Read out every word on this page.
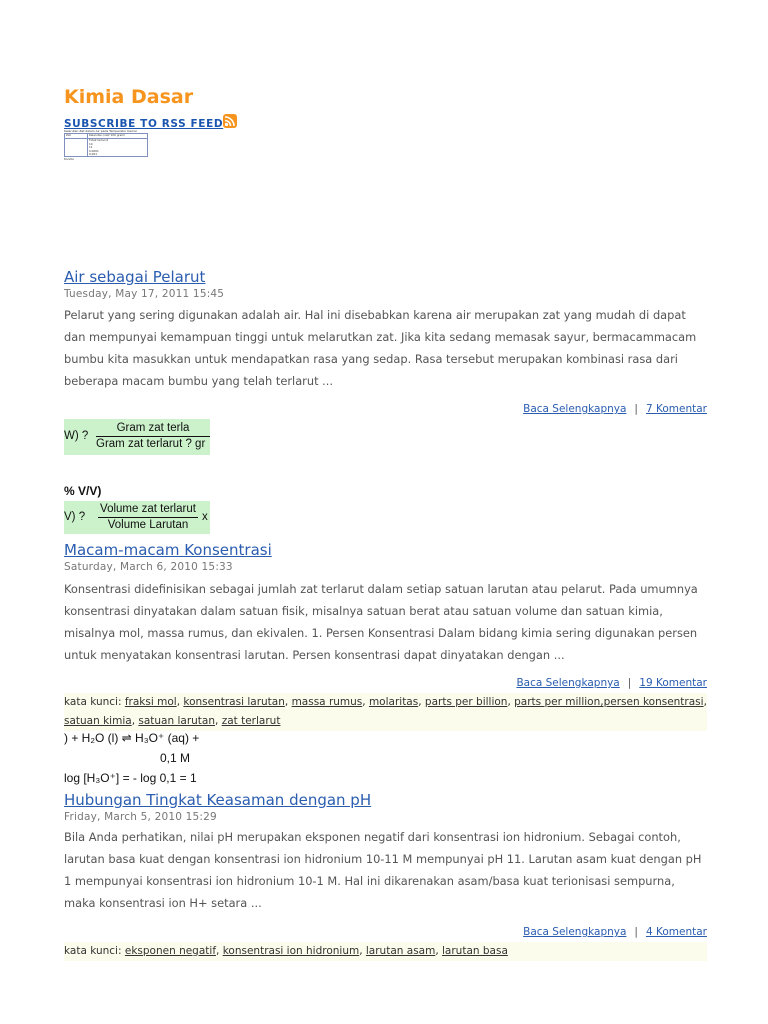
Kimia Dasar
SUBSCRIBE TO RSS FEED
Kelarutan Zat dalam Air pada Temperatur Kamar
Zat	Kelarutan (zat/ 100 gram)
Tidak terlarut
10
11
0,0001
0,001
Kondis
Air sebagai Pelarut
Tuesday, May 17, 2011 15:45
Pelarut yang sering digunakan adalah air. Hal ini disebabkan karena air merupakan zat yang mudah di dapat dan mempunyai kemampuan tinggi untuk melarutkan zat. Jika kita sedang memasak sayur, bermacammacam bumbu kita masukkan untuk mendapatkan rasa yang sedap. Rasa tersebut merupakan kombinasi rasa dari beberapa macam bumbu yang telah terlarut ...
Baca Selengkapnya | 7 Komentar
W) ?
Gram zat terla
Gram zat terlarut ? gr
% V/V)
V) ?
Volume zat terlarut
Volume Larutan
x
Macam-macam Konsentrasi
Saturday, March 6, 2010 15:33
Konsentrasi didefinisikan sebagai jumlah zat terlarut dalam setiap satuan larutan atau pelarut. Pada umumnya konsentrasi dinyatakan dalam satuan fisik, misalnya satuan berat atau satuan volume dan satuan kimia, misalnya mol, massa rumus, dan ekivalen. 1. Persen Konsentrasi Dalam bidang kimia sering digunakan persen untuk menyatakan konsentrasi larutan. Persen konsentrasi dapat dinyatakan dengan ...
Baca Selengkapnya | 19 Komentar
kata kunci: fraksi mol, konsentrasi larutan, massa rumus, molaritas, parts per billion, parts per million,persen konsentrasi, satuan kimia, satuan larutan, zat terlarut
) + H₂O (l) ⇌ H₃O⁺ (aq) +
0,1 M
log [H₃O⁺] = - log 0,1 = 1
Hubungan Tingkat Keasaman dengan pH
Friday, March 5, 2010 15:29
Bila Anda perhatikan, nilai pH merupakan eksponen negatif dari konsentrasi ion hidronium. Sebagai contoh, larutan basa kuat dengan konsentrasi ion hidronium 10-11 M mempunyai pH 11. Larutan asam kuat dengan pH 1 mempunyai konsentrasi ion hidronium 10-1 M. Hal ini dikarenakan asam/basa kuat terionisasi sempurna, maka konsentrasi ion H+ setara ...
Baca Selengkapnya | 4 Komentar
kata kunci: eksponen negatif, konsentrasi ion hidronium, larutan asam, larutan basa
